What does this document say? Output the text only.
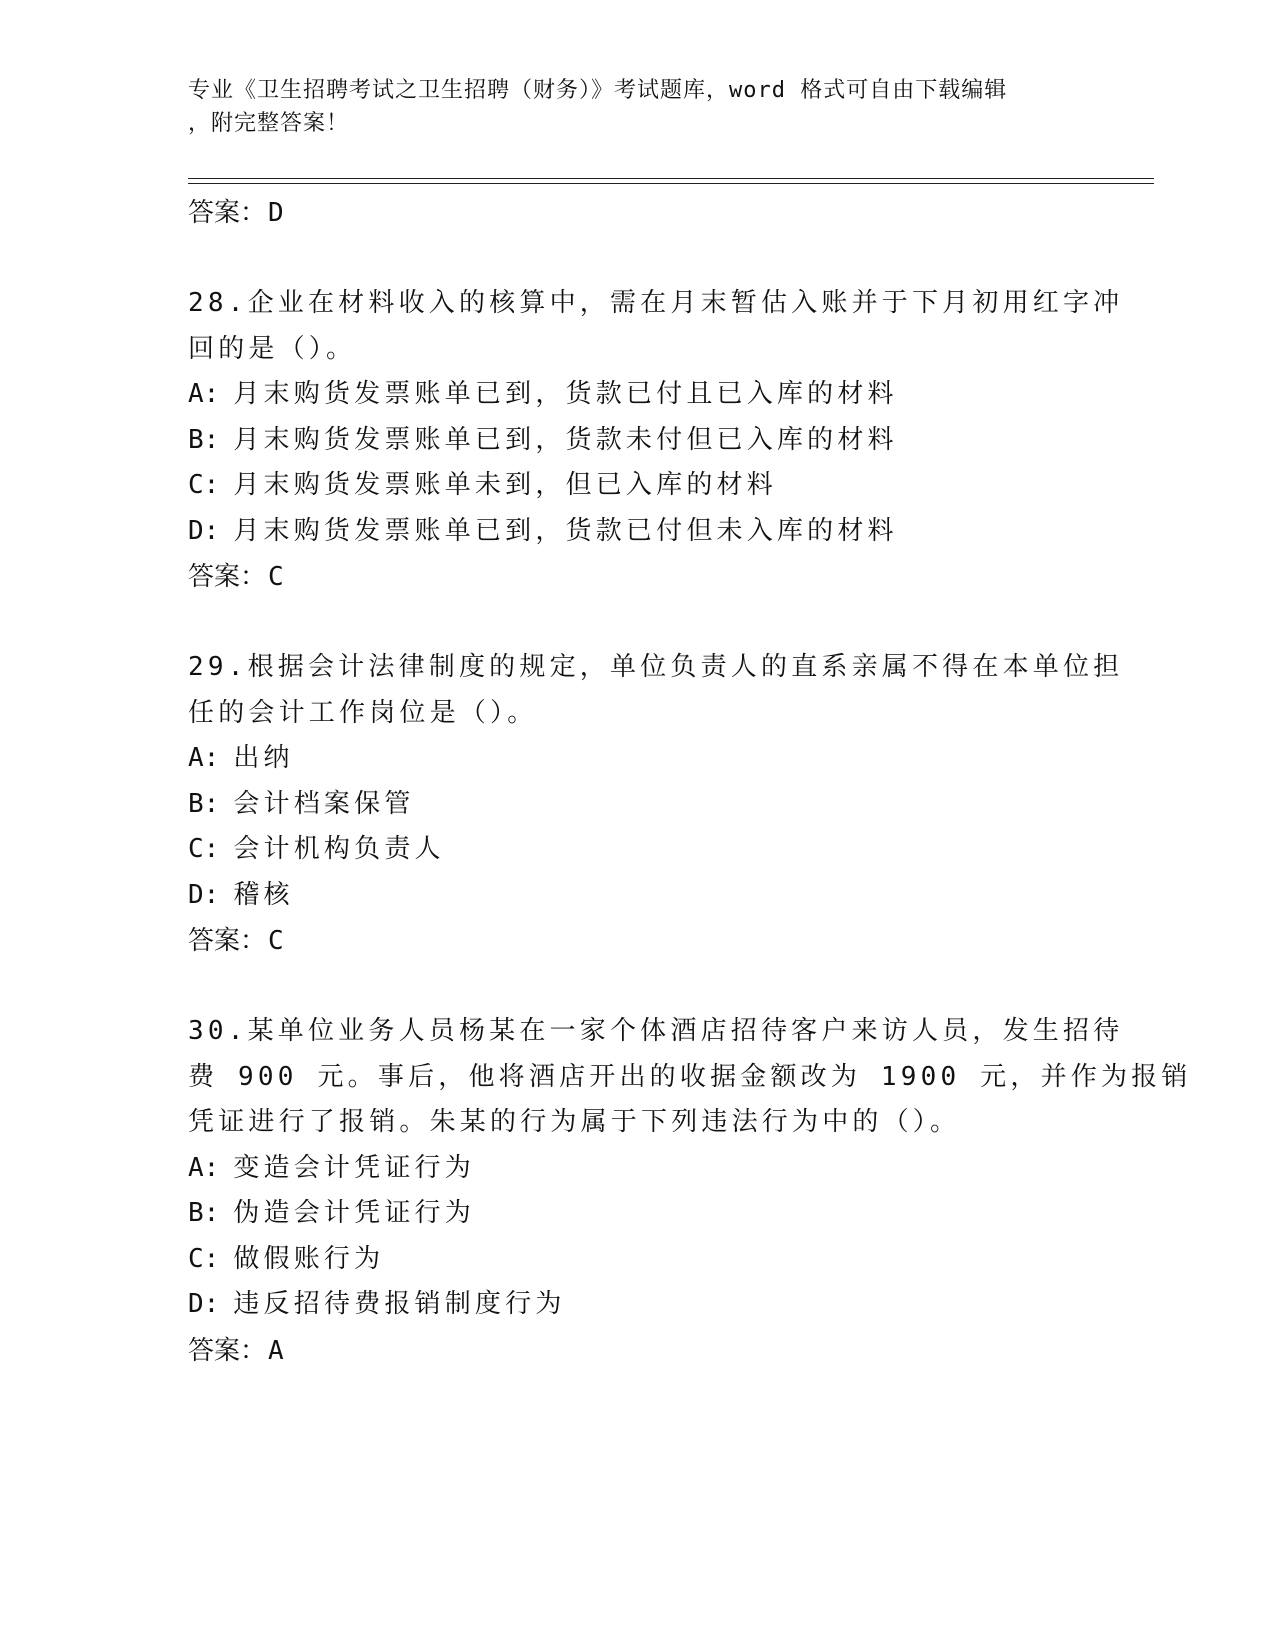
专业《卫生招聘考试之卫生招聘（财务）》考试题库，word 格式可自由下载编辑
，附完整答案！
答案：D
28.企业在材料收入的核算中，需在月末暂估入账并于下月初用红字冲
回的是（）。
A: 月末购货发票账单已到，货款已付且已入库的材料
B: 月末购货发票账单已到，货款未付但已入库的材料
C: 月末购货发票账单未到，但已入库的材料
D: 月末购货发票账单已到，货款已付但未入库的材料
答案：C
29.根据会计法律制度的规定，单位负责人的直系亲属不得在本单位担
任的会计工作岗位是（）。
A: 出纳
B: 会计档案保管
C: 会计机构负责人
D: 稽核
答案：C
30.某单位业务人员杨某在一家个体酒店招待客户来访人员，发生招待
费 900 元。事后，他将酒店开出的收据金额改为 1900 元，并作为报销
凭证进行了报销。朱某的行为属于下列违法行为中的（）。
A: 变造会计凭证行为
B: 伪造会计凭证行为
C: 做假账行为
D: 违反招待费报销制度行为
答案：A
